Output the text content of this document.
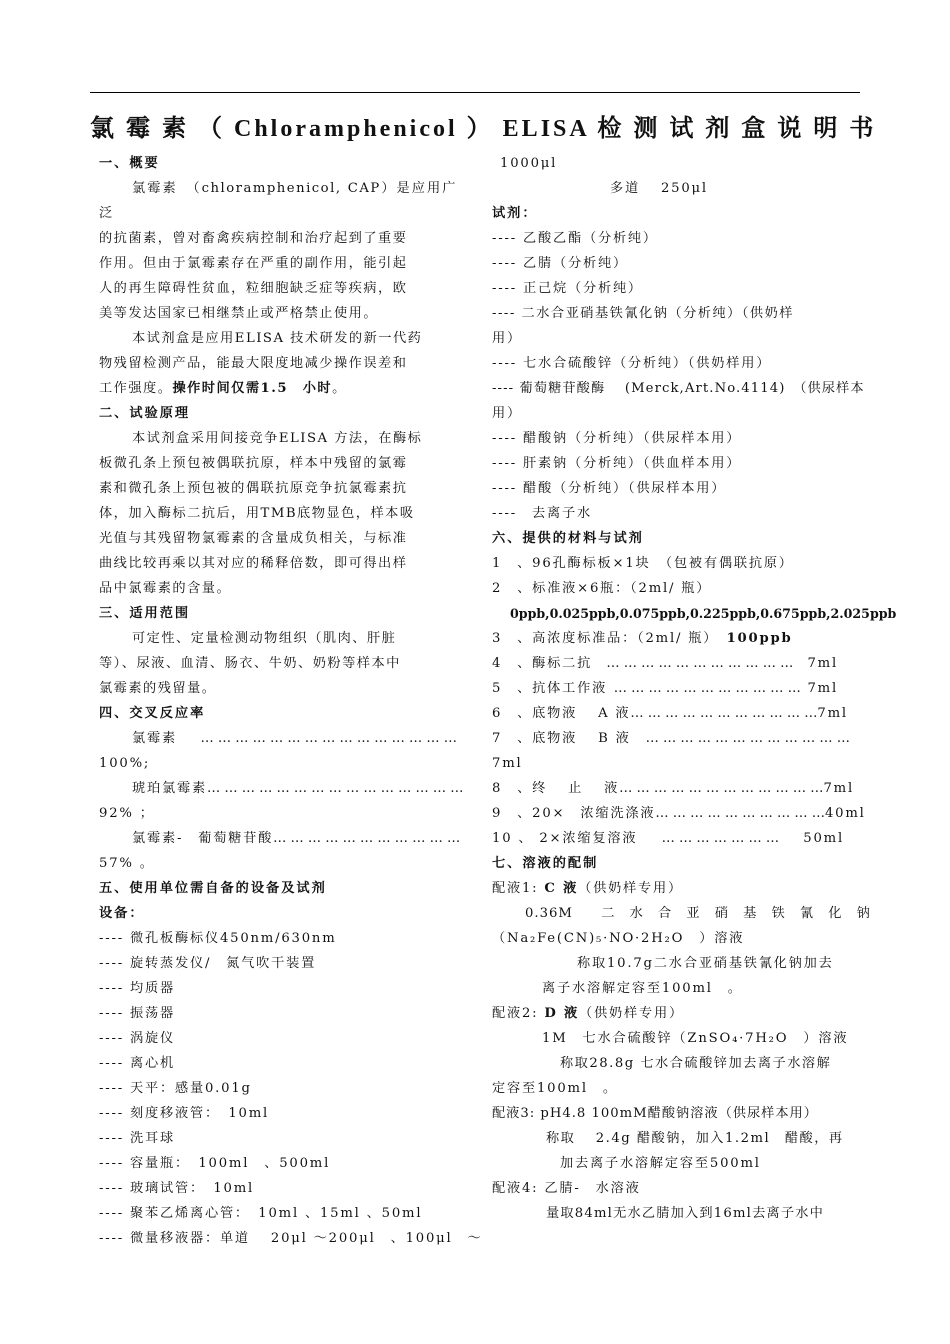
氯 霉 素 （ Chloramphenicol ） ELISA 检 测 试 剂 盒 说 明 书

一、概要

氯霉素　（chloramphenicol, CAP）是应用广泛

的抗菌素，曾对畜禽疾病控制和治疗起到了重要

作用。但由于氯霉素存在严重的副作用，能引起

人的再生障碍性贫血，粒细胞缺乏症等疾病，欧

美等发达国家已相继禁止或严格禁止使用。

本试剂盒是应用ELISA 技术研发的新一代药

物残留检测产品，能最大限度地减少操作误差和

工作强度。操作时间仅需1.5　小时。

二、试验原理

本试剂盒采用间接竞争ELISA 方法，在酶标

板微孔条上预包被偶联抗原，样本中残留的氯霉

素和微孔条上预包被的偶联抗原竞争抗氯霉素抗

体，加入酶标二抗后，用TMB底物显色，样本吸

光值与其残留物氯霉素的含量成负相关，与标准

曲线比较再乘以其对应的稀释倍数，即可得出样

品中氯霉素的含量。

三、适用范围

可定性、定量检测动物组织（肌肉、肝脏

等）、尿液、血清、肠衣、牛奶、奶粉等样本中

氯霉素的残留量。

四、交叉反应率

氯霉素 … … … … … … … … … … … … … … …

100%;

琥珀氯霉素 … … … … … … … … … … … … … … …

92% ；

氯霉素-　葡萄糖苷酸 … … … … … … … … … … …

57% 。

五、使用单位需自备的设备及试剂

设备：

---- 微孔板酶标仪450nm/630nm

---- 旋转蒸发仪/　氮气吹干装置

---- 均质器

---- 振荡器

---- 涡旋仪

---- 离心机

---- 天平：感量0.01g

---- 刻度移液管：　10ml

---- 洗耳球

---- 容量瓶：　100ml　、500ml

---- 玻璃试管：　10ml

---- 聚苯乙烯离心管：　10ml 、15ml 、50ml

---- 微量移液器：单道　 20μl ～200μl　、100μl　～

1000μl

多道　 250μl

试剂：

---- 乙酸乙酯（分析纯）

---- 乙腈（分析纯）

---- 正己烷（分析纯）

---- 二水合亚硝基铁氰化钠（分析纯）（供奶样

用）

---- 七水合硫酸锌（分析纯）（供奶样用）

---- 葡萄糖苷酸酶　 (Merck,Art.No.4114)　（供尿样本

用）

---- 醋酸钠（分析纯）（供尿样本用）

---- 肝素钠（分析纯）（供血样本用）

---- 醋酸（分析纯）（供尿样本用）

----　去离子水

六、提供的材料与试剂

1　、96孔酶标板×1块　（包被有偶联抗原）

2　、标准液×6瓶：（2ml/ 瓶）

0ppb,0.025ppb,0.075ppb,0.225ppb,0.675ppb,2.025ppb

3　、高浓度标准品：（2ml/ 瓶）　100ppb

4　、酶标二抗 … … … … … … … … … … … 7ml

5　、抗体工作液 … … … … … … … … … … … 7ml

6　、底物液　 A 液 … … … … … … … … … … … 7ml

7　、底物液　 B 液 … … … … … … … … … … … …

7ml

8　、终　 止　 液 … … … … … … … … … … … … 7ml

9　、20×　浓缩洗涤液 … … … … … … … … … … 40ml

10 、 2×浓缩复溶液 … … … … … … … 50ml

七、溶液的配制

配液1: C 液（供奶样专用）

0.36M　　二　水　合　亚　硝　基　铁　氰　化　钠

（Na₂Fe(CN)₅·NO·2H₂O　）溶液

称取10.7g二水合亚硝基铁氰化钠加去

离子水溶解定容至100ml　。

配液2: D 液（供奶样专用）

1M　七水合硫酸锌（ZnSO₄·7H₂O　）溶液

称取28.8g 七水合硫酸锌加去离子水溶解

定容至100ml　。

配液3: pH4.8 100mM醋酸钠溶液（供尿样本用）

称取　 2.4g 醋酸钠，加入1.2ml　醋酸，再

加去离子水溶解定容至500ml

配液4: 乙腈-　水溶液

量取84ml无水乙腈加入到16ml去离子水中
